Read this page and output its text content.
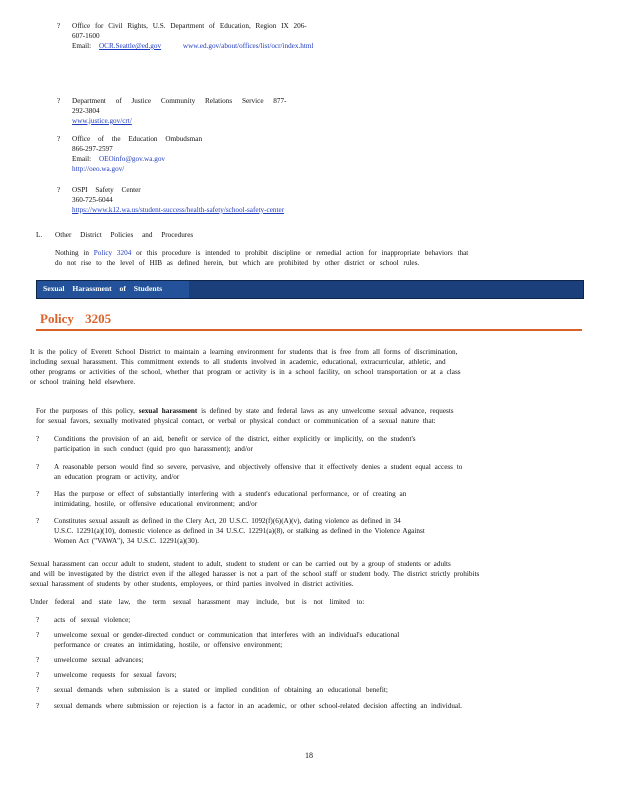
? Office for Civil Rights, U.S. Department of Education, Region IX 206-
607-1600
Email: OCR.Seattle@ed.gov	www.ed.gov/about/offices/list/ocr/index.html
? Department of Justice Community Relations Service 877-
292-3804
www.justice.gov/crt/
? Office of the Education Ombudsman
866-297-2597
Email: OEOinfo@gov.wa.gov
http://oeo.wa.gov/
? OSPI Safety Center
360-725-6044
https://www.k12.wa.us/student-success/health-safety/school-safety-center
L. Other District Policies and Procedures
Nothing in Policy 3204 or this procedure is intended to prohibit discipline or remedial action for inappropriate behaviors that
do not rise to the level of HIB as defined herein, but which are prohibited by other district or school rules.
Sexual Harassment of Students
Policy 3205
It is the policy of Everett School District to maintain a learning environment for students that is free from all forms of discrimination,
including sexual harassment. This commitment extends to all students involved in academic, educational, extracurricular, athletic, and
other programs or activities of the school, whether that program or activity is in a school facility, on school transportation or at a class
or school training held elsewhere.
For the purposes of this policy, sexual harassment is defined by state and federal laws as any unwelcome sexual advance, requests
for sexual favors, sexually motivated physical contact, or verbal or physical conduct or communication of a sexual nature that:
? Conditions the provision of an aid, benefit or service of the district, either explicitly or implicitly, on the student's
participation in such conduct (quid pro quo harassment); and/or
? A reasonable person would find so severe, pervasive, and objectively offensive that it effectively denies a student equal access to
an education program or activity, and/or
? Has the purpose or effect of substantially interfering with a student's educational performance, or of creating an
intimidating, hostile, or offensive educational environment; and/or
? Constitutes sexual assault as defined in the Clery Act, 20 U.S.C. 1092(f)(6)(A)(v), dating violence as defined in 34
U.S.C. 12291(a)(10), domestic violence as defined in 34 U.S.C. 12291(a)(8), or stalking as defined in the Violence Against
Women Act ("VAWA"), 34 U.S.C. 12291(a)(30).
Sexual harassment can occur adult to student, student to adult, student to student or can be carried out by a group of students or adults
and will be investigated by the district even if the alleged harasser is not a part of the school staff or student body. The district strictly prohibits
sexual harassment of students by other students, employees, or third parties involved in district activities.
Under federal and state law, the term sexual harassment may include, but is not limited to:
? acts of sexual violence;
? unwelcome sexual or gender-directed conduct or communication that interferes with an individual's educational
performance or creates an intimidating, hostile, or offensive environment;
? unwelcome sexual advances;
? unwelcome requests for sexual favors;
? sexual demands when submission is a stated or implied condition of obtaining an educational benefit;
? sexual demands where submission or rejection is a factor in an academic, or other school-related decision affecting an individual.
18
